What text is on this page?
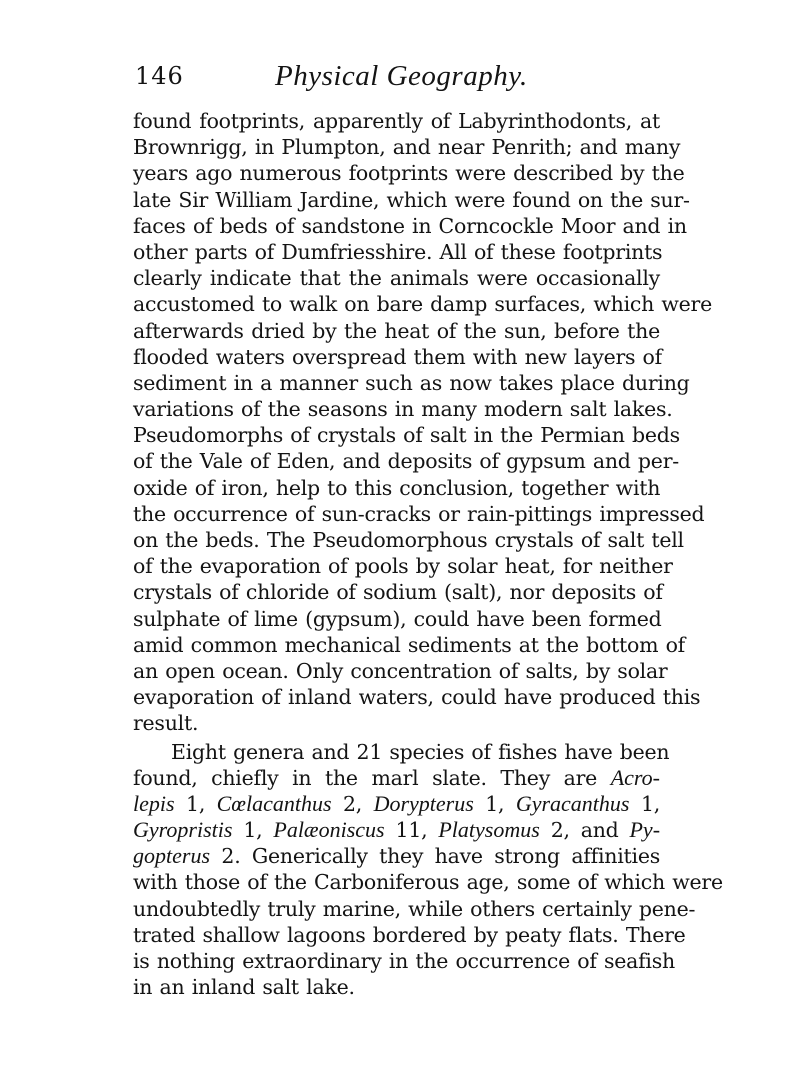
146	Physical Geography.
found footprints, apparently of Labyrinthodonts, at
Brownrigg, in Plumpton, and near Penrith; and many
years ago numerous footprints were described by the
late Sir William Jardine, which were found on the sur-
faces of beds of sandstone in Corncockle Moor and in
other parts of Dumfriesshire. All of these footprints
clearly indicate that the animals were occasionally
accustomed to walk on bare damp surfaces, which were
afterwards dried by the heat of the sun, before the
flooded waters overspread them with new layers of
sediment in a manner such as now takes place during
variations of the seasons in many modern salt lakes.
Pseudomorphs of crystals of salt in the Permian beds
of the Vale of Eden, and deposits of gypsum and per-
oxide of iron, help to this conclusion, together with
the occurrence of sun-cracks or rain-pittings impressed
on the beds. The Pseudomorphous crystals of salt tell
of the evaporation of pools by solar heat, for neither
crystals of chloride of sodium (salt), nor deposits of
sulphate of lime (gypsum), could have been formed
amid common mechanical sediments at the bottom of
an open ocean. Only concentration of salts, by solar
evaporation of inland waters, could have produced this
result.
Eight genera and 21 species of fishes have been
found, chiefly in the marl slate. They are Acro-
lepis 1, Cœlacanthus 2, Dorypterus 1, Gyracanthus 1,
Gyropristis 1, Palæoniscus 11, Platysomus 2, and Py-
gopterus 2. Generically they have strong affinities
with those of the Carboniferous age, some of which were
undoubtedly truly marine, while others certainly pene-
trated shallow lagoons bordered by peaty flats. There
is nothing extraordinary in the occurrence of seafish
in an inland salt lake.
